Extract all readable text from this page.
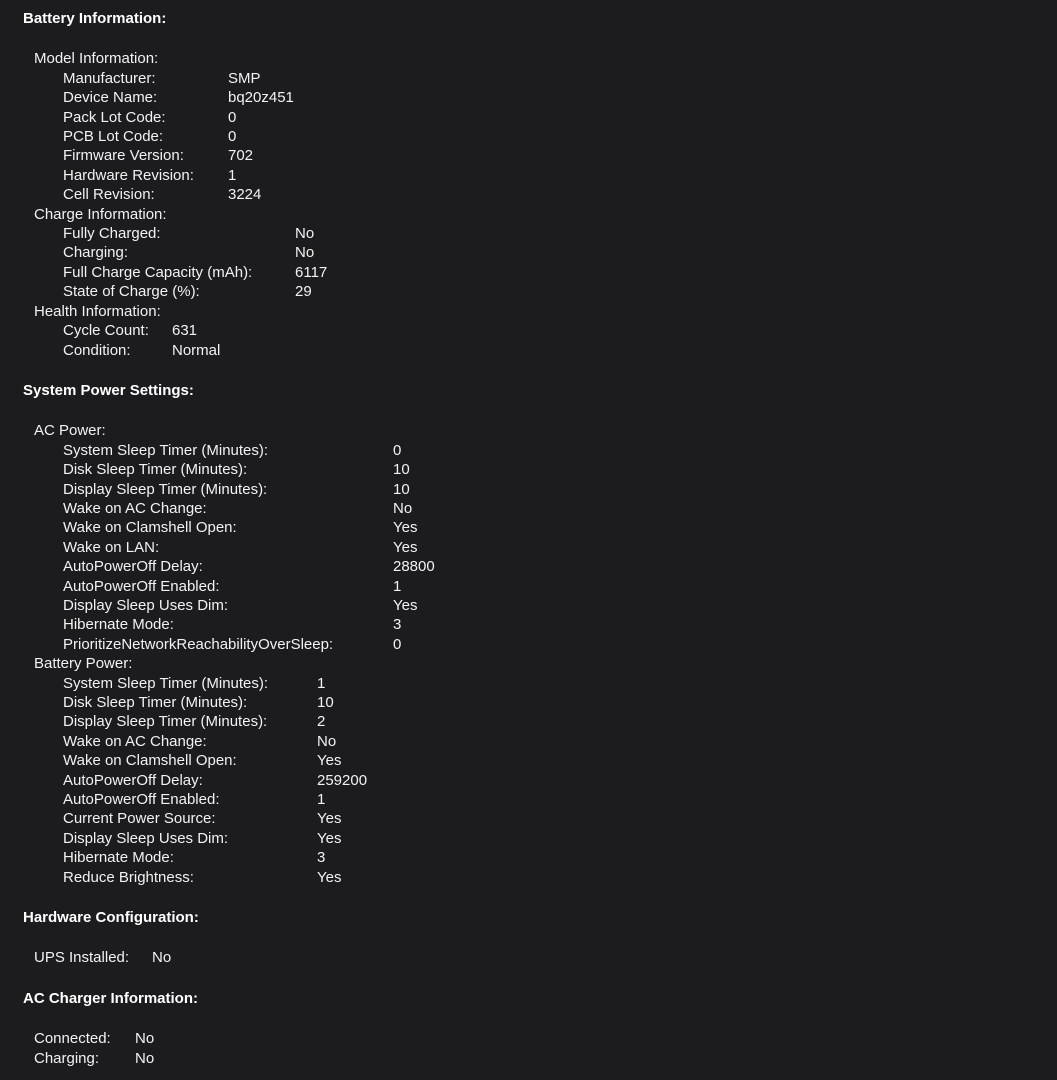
Battery Information:
Model Information:
Manufacturer:	SMP
Device Name:	bq20z451
Pack Lot Code:	0
PCB Lot Code:	0
Firmware Version:	702
Hardware Revision:	1
Cell Revision:	3224
Charge Information:
Fully Charged:	No
Charging:	No
Full Charge Capacity (mAh):	6117
State of Charge (%):	29
Health Information:
Cycle Count:	631
Condition:	Normal
System Power Settings:
AC Power:
System Sleep Timer (Minutes):	0
Disk Sleep Timer (Minutes):	10
Display Sleep Timer (Minutes):	10
Wake on AC Change:	No
Wake on Clamshell Open:	Yes
Wake on LAN:	Yes
AutoPowerOff Delay:	28800
AutoPowerOff Enabled:	1
Display Sleep Uses Dim:	Yes
Hibernate Mode:	3
PrioritizeNetworkReachabilityOverSleep:	0
Battery Power:
System Sleep Timer (Minutes):	1
Disk Sleep Timer (Minutes):	10
Display Sleep Timer (Minutes):	2
Wake on AC Change:	No
Wake on Clamshell Open:	Yes
AutoPowerOff Delay:	259200
AutoPowerOff Enabled:	1
Current Power Source:	Yes
Display Sleep Uses Dim:	Yes
Hibernate Mode:	3
Reduce Brightness:	Yes
Hardware Configuration:
UPS Installed:	No
AC Charger Information:
Connected:	No
Charging:	No
